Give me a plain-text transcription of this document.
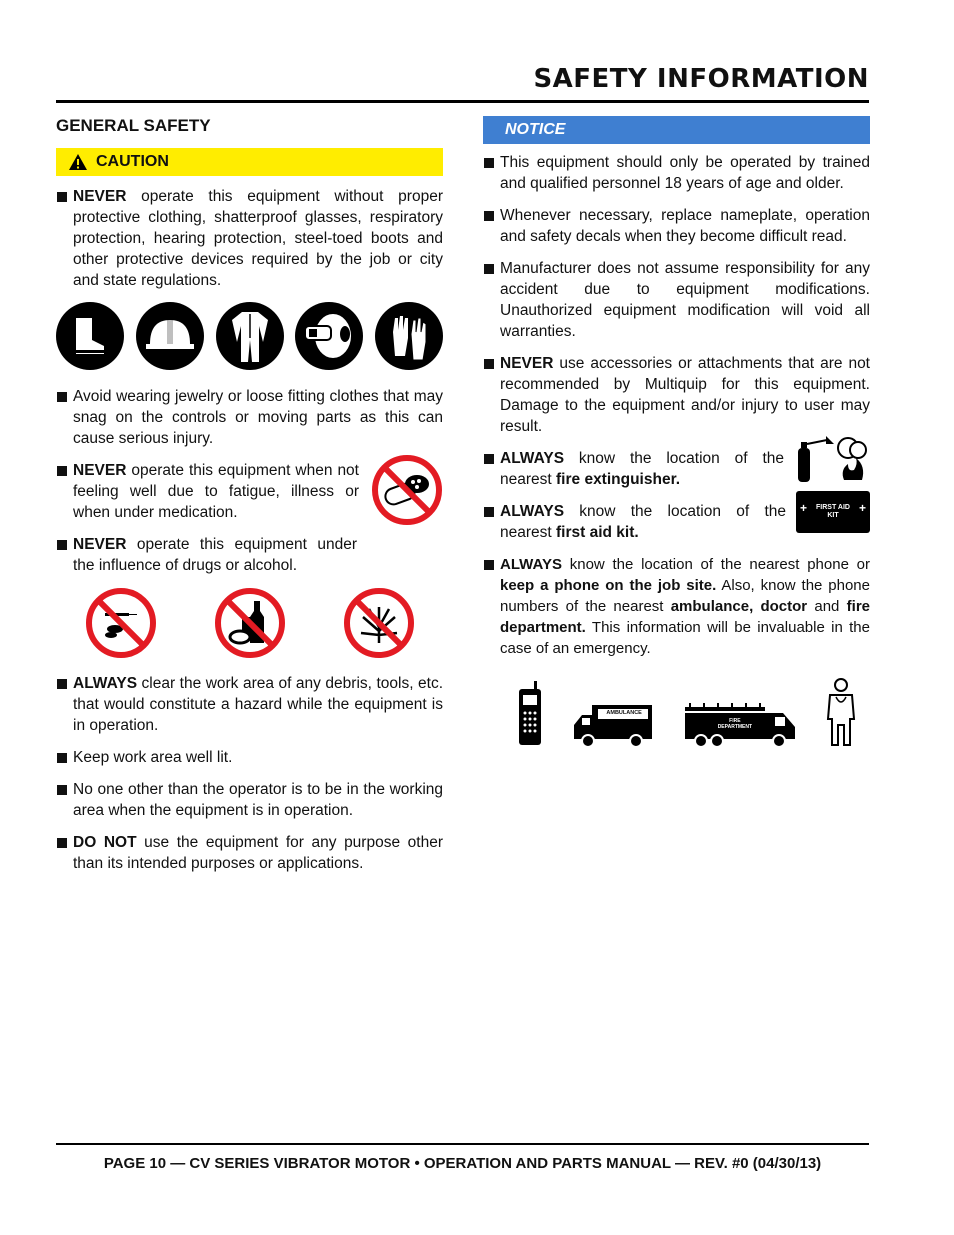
SAFETY INFORMATION
GENERAL SAFETY
CAUTION
NEVER operate this equipment without proper protective clothing, shatterproof glasses, respiratory protection, hearing protection, steel-toed boots and other protective devices required by the job or city and state regulations.
Avoid wearing jewelry or loose fitting clothes that may snag on the controls or moving parts as this can cause serious injury.
NEVER operate this equipment when not feeling well due to fatigue, illness or when under medication.
NEVER operate this equipment under the influence of drugs or alcohol.
ALWAYS clear the work area of any debris, tools, etc. that would constitute a hazard while the equipment is in operation.
Keep work area well lit.
No one other than the operator is to be in the working area when the equipment is in operation.
DO NOT use the equipment for any purpose other than its intended purposes or applications.
NOTICE
This equipment should only be operated by trained and qualified personnel 18 years of age and older.
Whenever necessary, replace nameplate, operation and safety decals when they become difficult read.
Manufacturer does not assume responsibility for any accident due to equipment modifications. Unauthorized equipment modification will void all warranties.
NEVER use accessories or attachments that are not recommended by Multiquip for this equipment. Damage to the equipment and/or injury to user may result.
ALWAYS know the location of the nearest fire extinguisher.
ALWAYS know the location of the nearest first aid kit.
+	+
FIRST AID
KIT
ALWAYS know the location of the nearest phone or keep a phone on the job site. Also, know the phone numbers of the nearest ambulance, doctor and fire department. This information will be invaluable in the case of an emergency.
AMBULANCE
FIRE
DEPARTMENT
PAGE 10 — CV SERIES VIBRATOR MOTOR • OPERATION AND PARTS MANUAL — REV. #0 (04/30/13)
